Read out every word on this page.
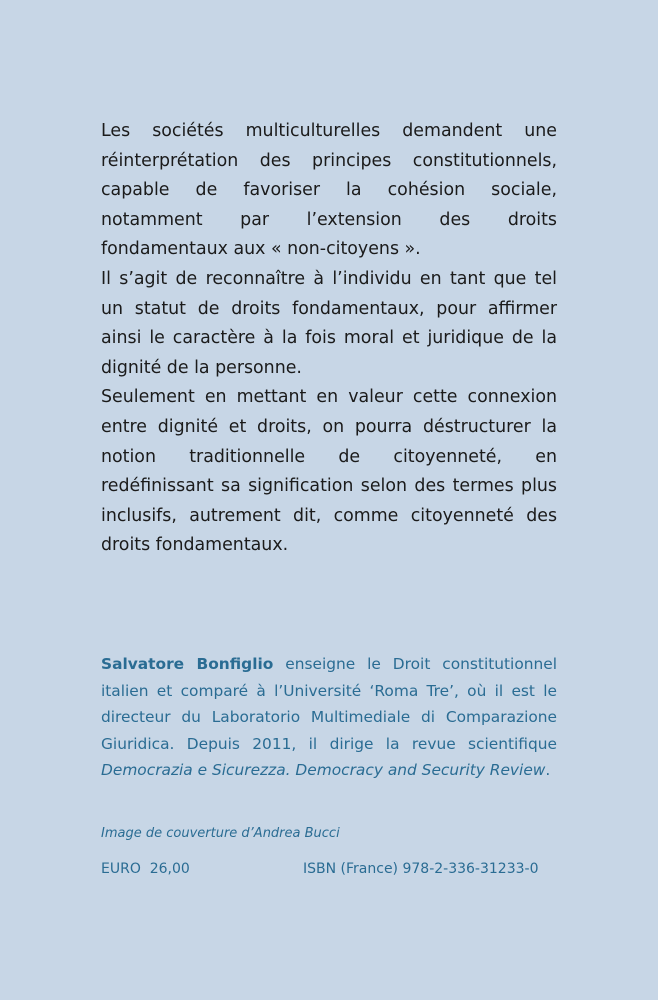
Les sociétés multiculturelles demandent une réinterprétation des principes constitutionnels, capable de favoriser la cohésion sociale, notamment par l’extension des droits fondamentaux aux « non-citoyens ».

Il s’agit de reconnaître à l’individu en tant que tel un statut de droits fondamentaux, pour affirmer ainsi le caractère à la fois moral et juridique de la dignité de la personne.

Seulement en mettant en valeur cette connexion entre dignité et droits, on pourra déstructurer la notion traditionnelle de citoyenneté, en redéfinissant sa signification selon des termes plus inclusifs, autrement dit, comme citoyenneté des droits fondamentaux.

Salvatore Bonfiglio enseigne le Droit constitutionnel italien et comparé à l’Université ‘Roma Tre’, où il est le directeur du Laboratorio Multimediale di Comparazione Giuridica. Depuis 2011, il dirige la revue scientifique Democrazia e Sicurezza. Democracy and Security Review.

Image de couverture d’Andrea Bucci

EURO  26,00	ISBN (France) 978-2-336-31233-0
